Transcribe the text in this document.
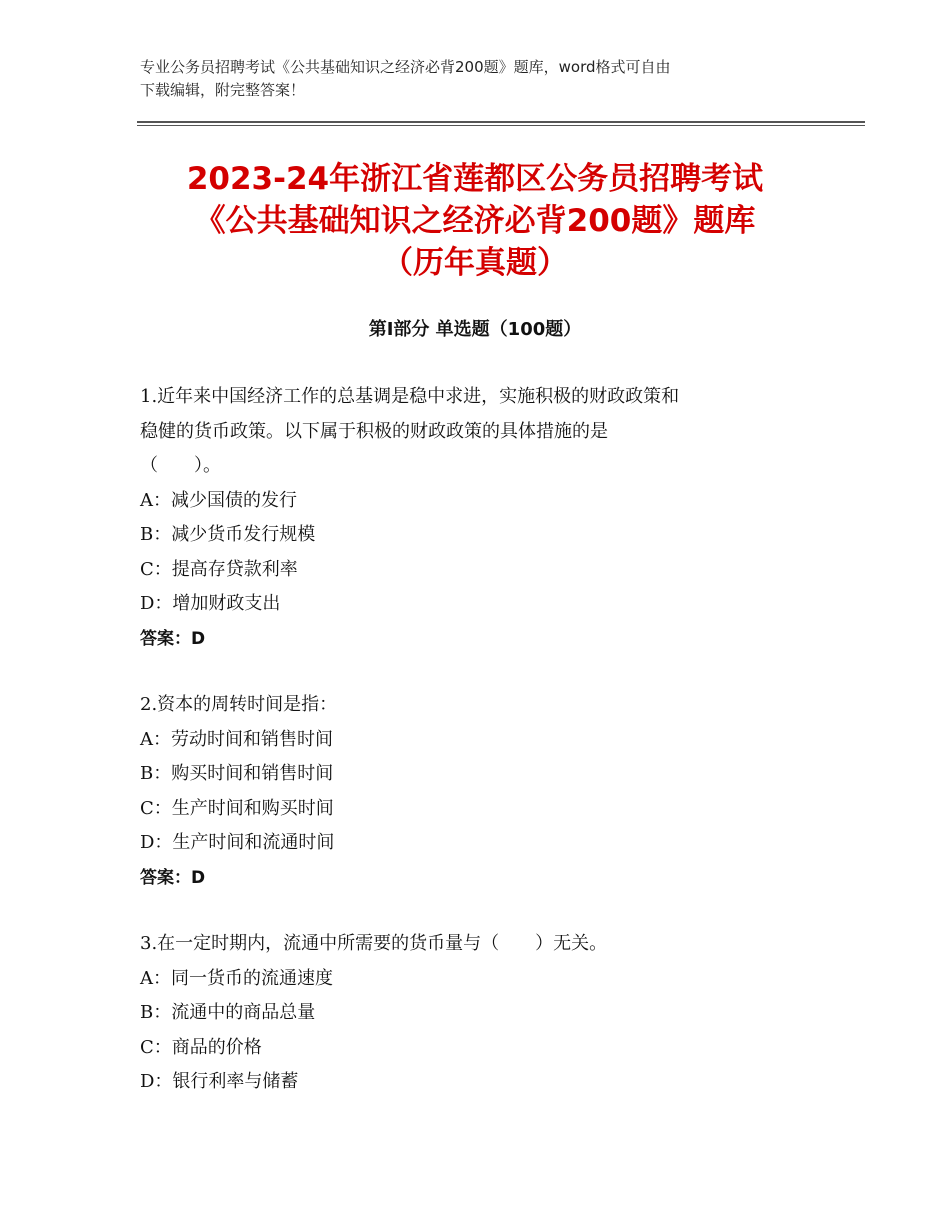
专业公务员招聘考试《公共基础知识之经济必背200题》题库，word格式可自由
下载编辑，附完整答案！
2023-24年浙江省莲都区公务员招聘考试
《公共基础知识之经济必背200题》题库
（历年真题）
第Ⅰ部分 单选题（100题）
1.近年来中国经济工作的总基调是稳中求进，实施积极的财政政策和
稳健的货币政策。以下属于积极的财政政策的具体措施的是
（　　）。
A：减少国债的发行
B：减少货币发行规模
C：提高存贷款利率
D：增加财政支出
答案：D
2.资本的周转时间是指：
A：劳动时间和销售时间
B：购买时间和销售时间
C：生产时间和购买时间
D：生产时间和流通时间
答案：D
3.在一定时期内，流通中所需要的货币量与（　　）无关。
A：同一货币的流通速度
B：流通中的商品总量
C：商品的价格
D：银行利率与储蓄
